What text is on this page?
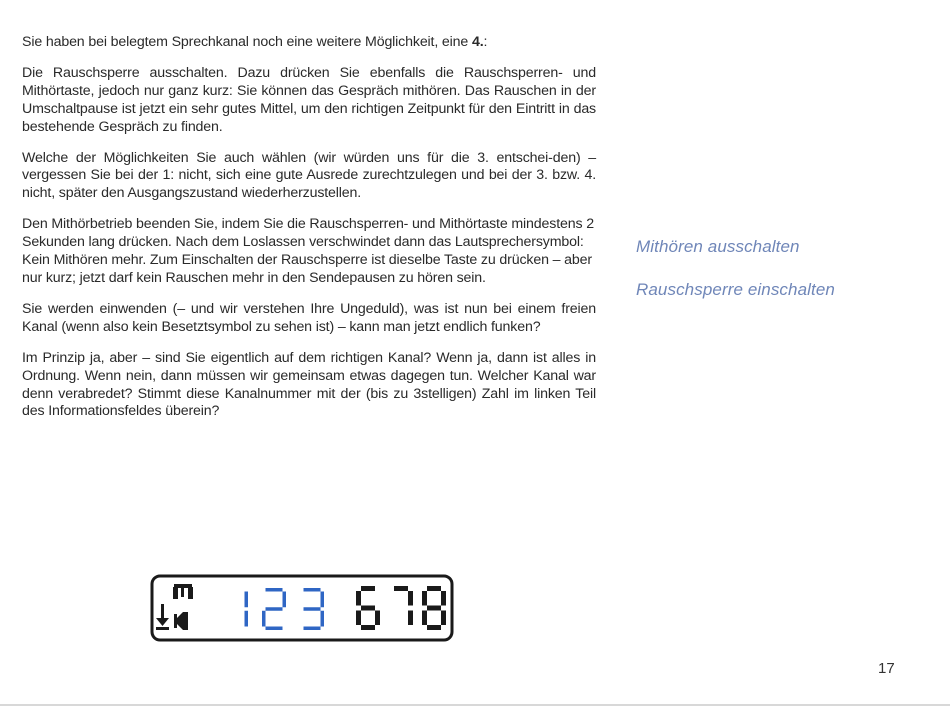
Sie haben bei belegtem Sprechkanal noch eine weitere Möglichkeit, eine 4.:

Die Rauschsperre ausschalten. Dazu drücken Sie ebenfalls die Rauschsperren- und Mithörtaste, jedoch nur ganz kurz: Sie können das Gespräch mithören. Das Rauschen in der Umschaltpause ist jetzt ein sehr gutes Mittel, um den richtigen Zeitpunkt für den Eintritt in das bestehende Gespräch zu finden.

Welche der Möglichkeiten Sie auch wählen (wir würden uns für die 3. entschei-den) – vergessen Sie bei der 1: nicht, sich eine gute Ausrede zurechtzulegen und bei der 3. bzw. 4. nicht, später den Ausgangszustand wiederherzustellen.

Den Mithörbetrieb beenden Sie, indem Sie die Rauschsperren- und Mithörtaste mindestens 2 Sekunden lang drücken. Nach dem Loslassen verschwindet dann das Lautsprechersymbol: Kein Mithören mehr. Zum Einschalten der Rauschsperre ist dieselbe Taste zu drücken – aber nur kurz; jetzt darf kein Rauschen mehr in den Sendepausen zu hören sein.

Sie werden einwenden (– und wir verstehen Ihre Ungeduld), was ist nun bei einem freien Kanal (wenn also kein Besetztsymbol zu sehen ist) – kann man jetzt endlich funken?

Im Prinzip ja, aber – sind Sie eigentlich auf dem richtigen Kanal? Wenn ja, dann ist alles in Ordnung. Wenn nein, dann müssen wir gemeinsam etwas dagegen tun. Welcher Kanal war denn verabredet? Stimmt diese Kanalnummer mit der (bis zu 3stelligen) Zahl im linken Teil des Informationsfeldes überein?

Mithören ausschalten
Rauschsperre einschalten
17
